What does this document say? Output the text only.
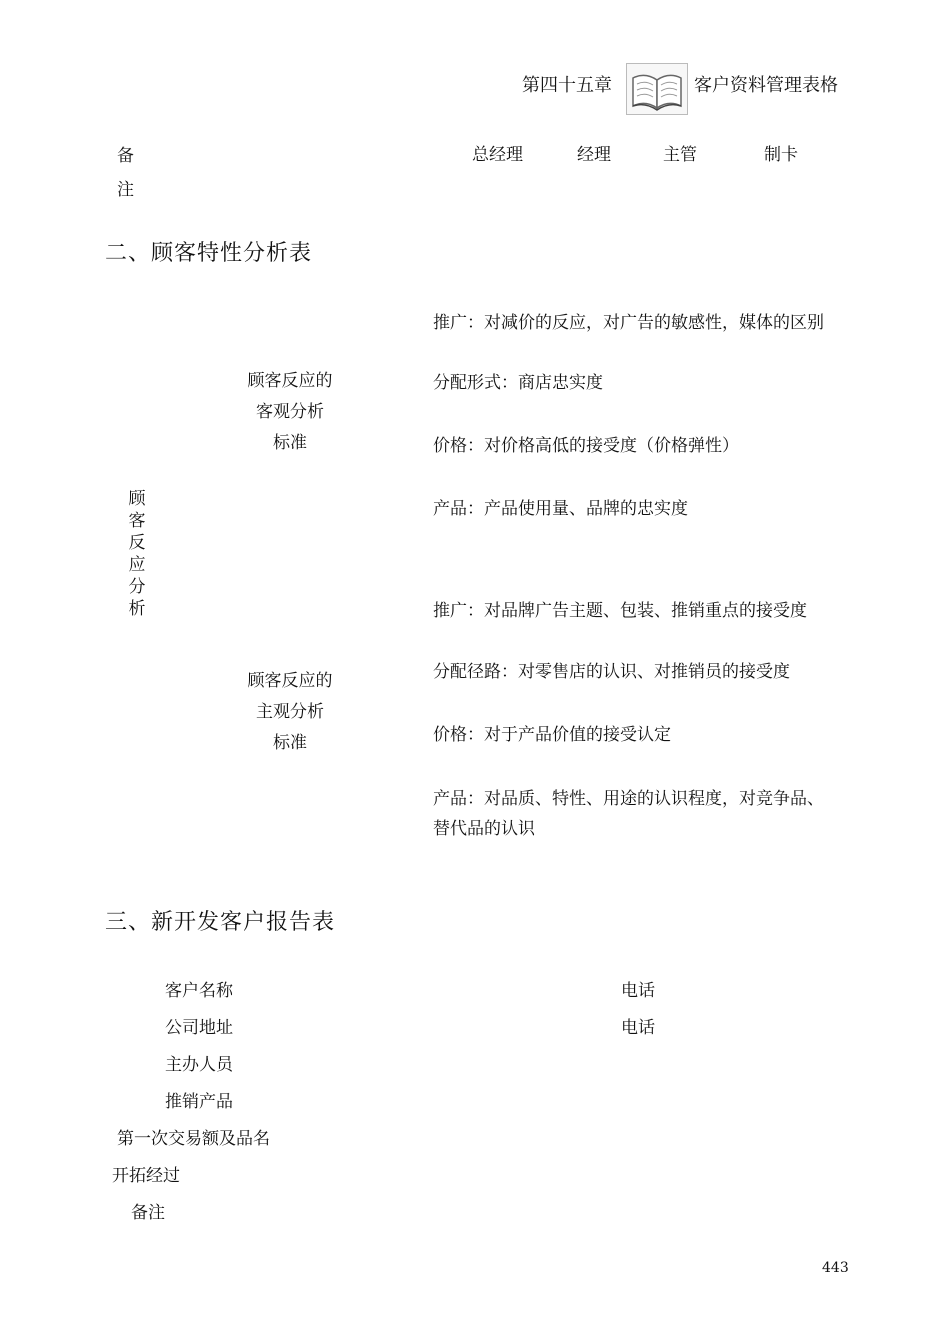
第四十五章	客户资料管理表格
备
注
总经理	经理	主管	制卡
二、顾客特性分析表
顾客反应分析
顾客反应的
客观分析
标准
推广：对减价的反应，对广告的敏感性，媒体的区别
分配形式：商店忠实度
价格：对价格高低的接受度（价格弹性）
产品：产品使用量、品牌的忠实度
顾客反应的
主观分析
标准
推广：对品牌广告主题、包装、推销重点的接受度
分配径路：对零售店的认识、对推销员的接受度
价格：对于产品价值的接受认定
产品：对品质、特性、用途的认识程度，对竞争品、
替代品的认识
三、新开发客户报告表
客户名称	电话
公司地址	电话
主办人员
推销产品
第一次交易额及品名
开拓经过
备注
443
